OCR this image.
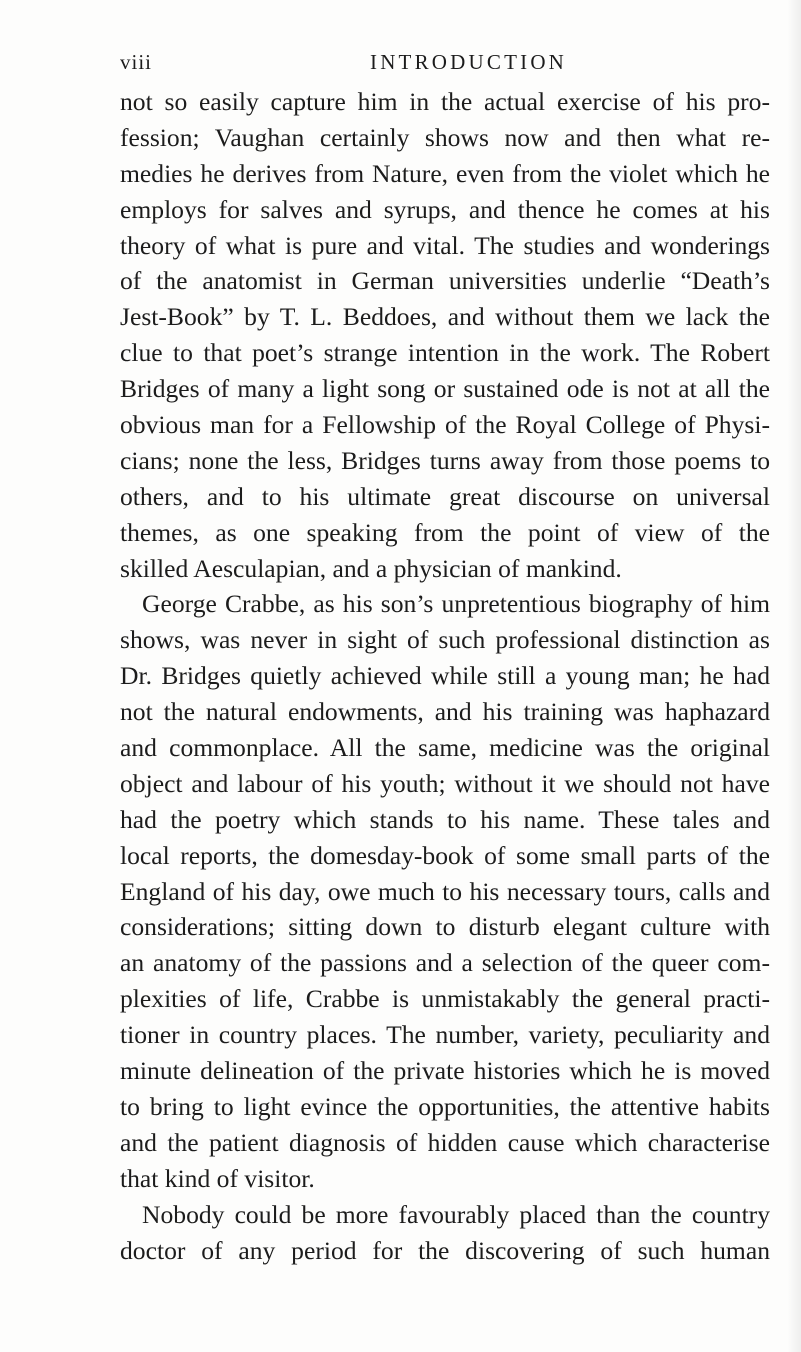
viii	INTRODUCTION
not so easily capture him in the actual exercise of his pro-
fession; Vaughan certainly shows now and then what re-
medies he derives from Nature, even from the violet which he
employs for salves and syrups, and thence he comes at his
theory of what is pure and vital. The studies and wonderings
of the anatomist in German universities underlie “Death’s
Jest-Book” by T. L. Beddoes, and without them we lack the
clue to that poet’s strange intention in the work. The Robert
Bridges of many a light song or sustained ode is not at all the
obvious man for a Fellowship of the Royal College of Physi-
cians; none the less, Bridges turns away from those poems to
others, and to his ultimate great discourse on universal
themes, as one speaking from the point of view of the
skilled Aesculapian, and a physician of mankind.
George Crabbe, as his son’s unpretentious biography of him
shows, was never in sight of such professional distinction as
Dr. Bridges quietly achieved while still a young man; he had
not the natural endowments, and his training was haphazard
and commonplace. All the same, medicine was the original
object and labour of his youth; without it we should not have
had the poetry which stands to his name. These tales and
local reports, the domesday-book of some small parts of the
England of his day, owe much to his necessary tours, calls and
considerations; sitting down to disturb elegant culture with
an anatomy of the passions and a selection of the queer com-
plexities of life, Crabbe is unmistakably the general practi-
tioner in country places. The number, variety, peculiarity and
minute delineation of the private histories which he is moved
to bring to light evince the opportunities, the attentive habits
and the patient diagnosis of hidden cause which characterise
that kind of visitor.
Nobody could be more favourably placed than the country
doctor of any period for the discovering of such human
